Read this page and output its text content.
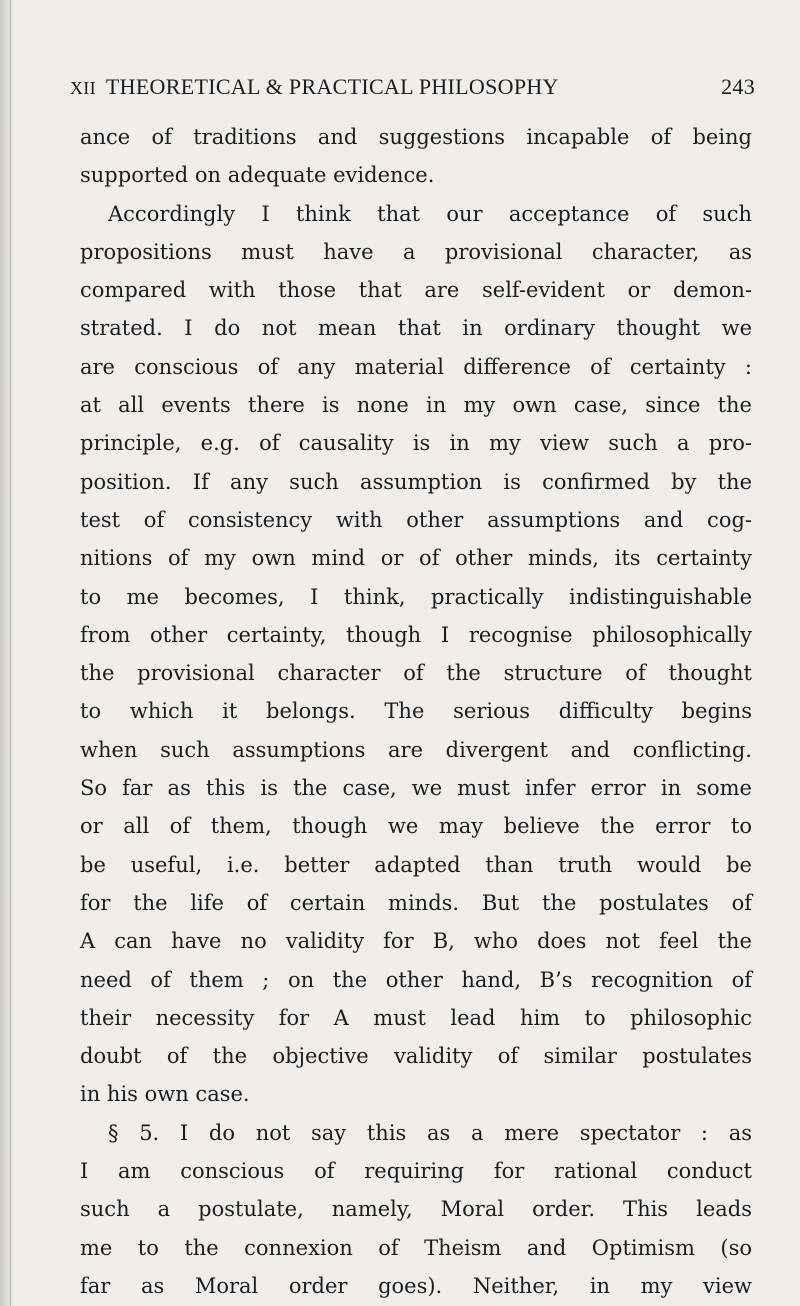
XII THEORETICAL & PRACTICAL PHILOSOPHY	243
ance of traditions and suggestions incapable of being
supported on adequate evidence.
Accordingly I think that our acceptance of such
propositions must have a provisional character, as
compared with those that are self-evident or demon-
strated. I do not mean that in ordinary thought we
are conscious of any material difference of certainty :
at all events there is none in my own case, since the
principle, e.g. of causality is in my view such a pro-
position. If any such assumption is confirmed by the
test of consistency with other assumptions and cog-
nitions of my own mind or of other minds, its certainty
to me becomes, I think, practically indistinguishable
from other certainty, though I recognise philosophically
the provisional character of the structure of thought
to which it belongs. The serious difficulty begins
when such assumptions are divergent and conflicting.
So far as this is the case, we must infer error in some
or all of them, though we may believe the error to
be useful, i.e. better adapted than truth would be
for the life of certain minds. But the postulates of
A can have no validity for B, who does not feel the
need of them ; on the other hand, B’s recognition of
their necessity for A must lead him to philosophic
doubt of the objective validity of similar postulates
in his own case.
§ 5. I do not say this as a mere spectator : as
I am conscious of requiring for rational conduct
such a postulate, namely, Moral order. This leads
me to the connexion of Theism and Optimism (so
far as Moral order goes). Neither, in my view
